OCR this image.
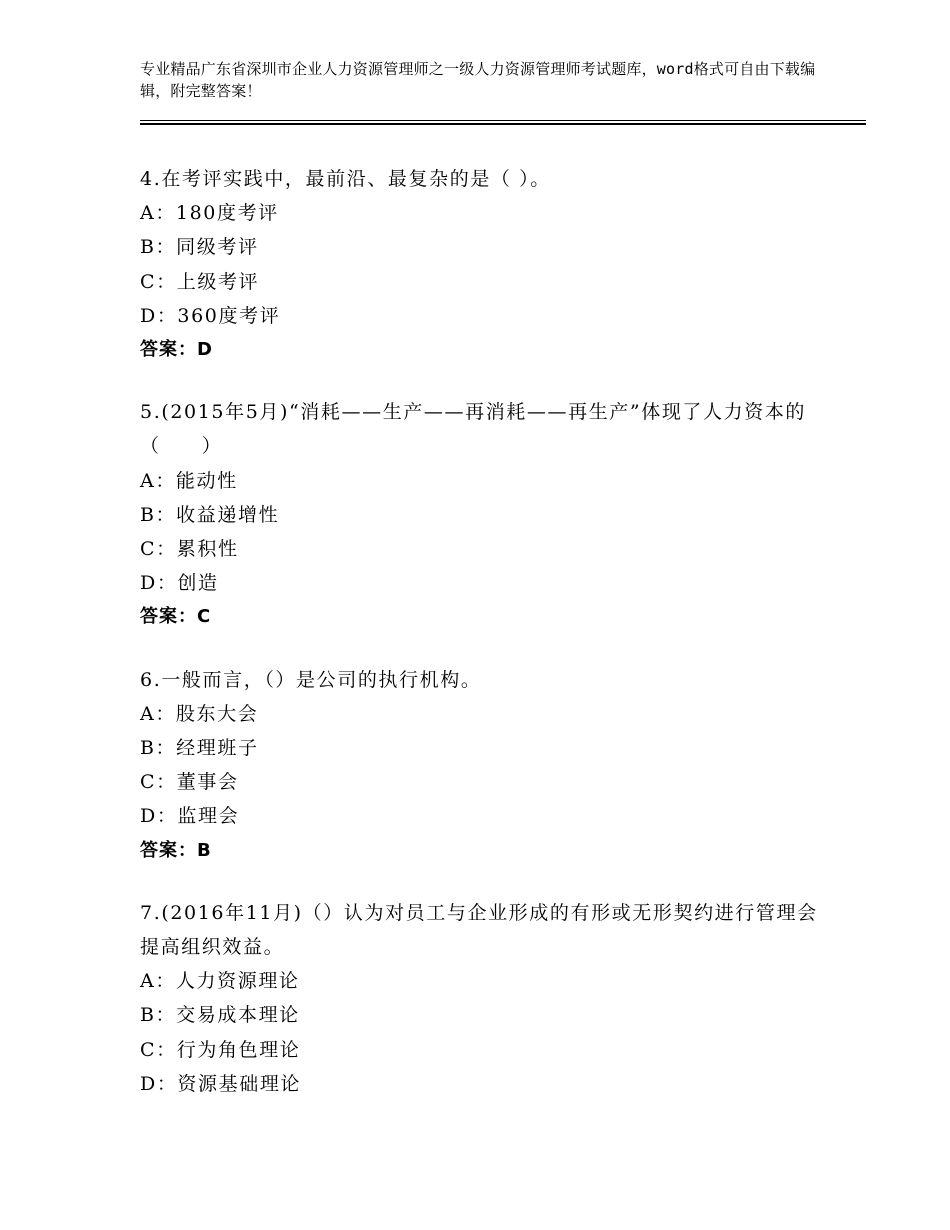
专业精品广东省深圳市企业人力资源管理师之一级人力资源管理师考试题库，word格式可自由下载编辑，附完整答案！
4.在考评实践中，最前沿、最复杂的是（ ）。
A：180度考评
B：同级考评
C：上级考评
D：360度考评
答案：D
5.(2015年5月)“消耗——生产——再消耗——再生产”体现了人力资本的（　　）
A：能动性
B：收益递增性
C：累积性
D：创造
答案：C
6.一般而言，（）是公司的执行机构。
A：股东大会
B：经理班子
C：董事会
D：监理会
答案：B
7.(2016年11月)（）认为对员工与企业形成的有形或无形契约进行管理会提高组织效益。
A：人力资源理论
B：交易成本理论
C：行为角色理论
D：资源基础理论
